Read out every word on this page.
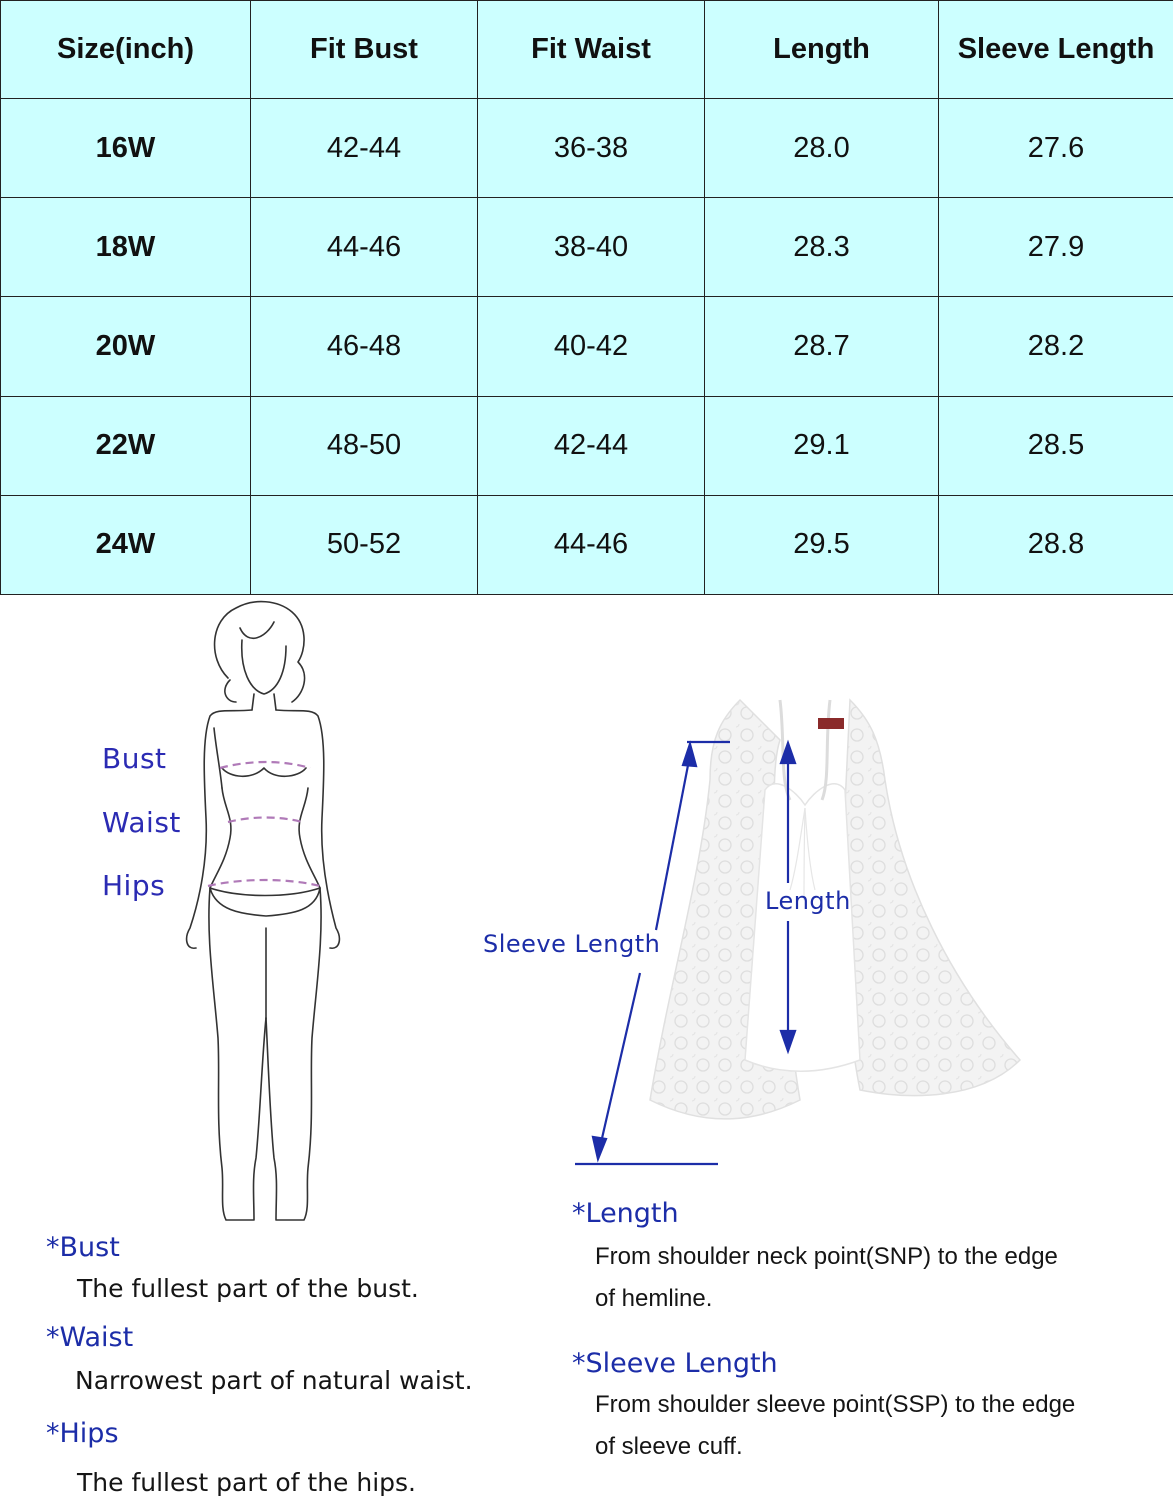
Size(inch)	Fit Bust	Fit Waist	Length	Sleeve Length
16W	42-44	36-38	28.0	27.6
18W	44-46	38-40	28.3	27.9
20W	46-48	40-42	28.7	28.2
22W	48-50	42-44	29.1	28.5
24W	50-52	44-46	29.5	28.8
Bust
Waist
Hips	Length
Sleeve Length
*Bust
The fullest part of the bust.
*Waist
Narrowest part of natural waist.
*Hips
The fullest part of the hips.
*Length
From shoulder neck point(SNP) to the edge
of hemline.
*Sleeve Length
From shoulder sleeve point(SSP) to the edge
of sleeve cuff.
